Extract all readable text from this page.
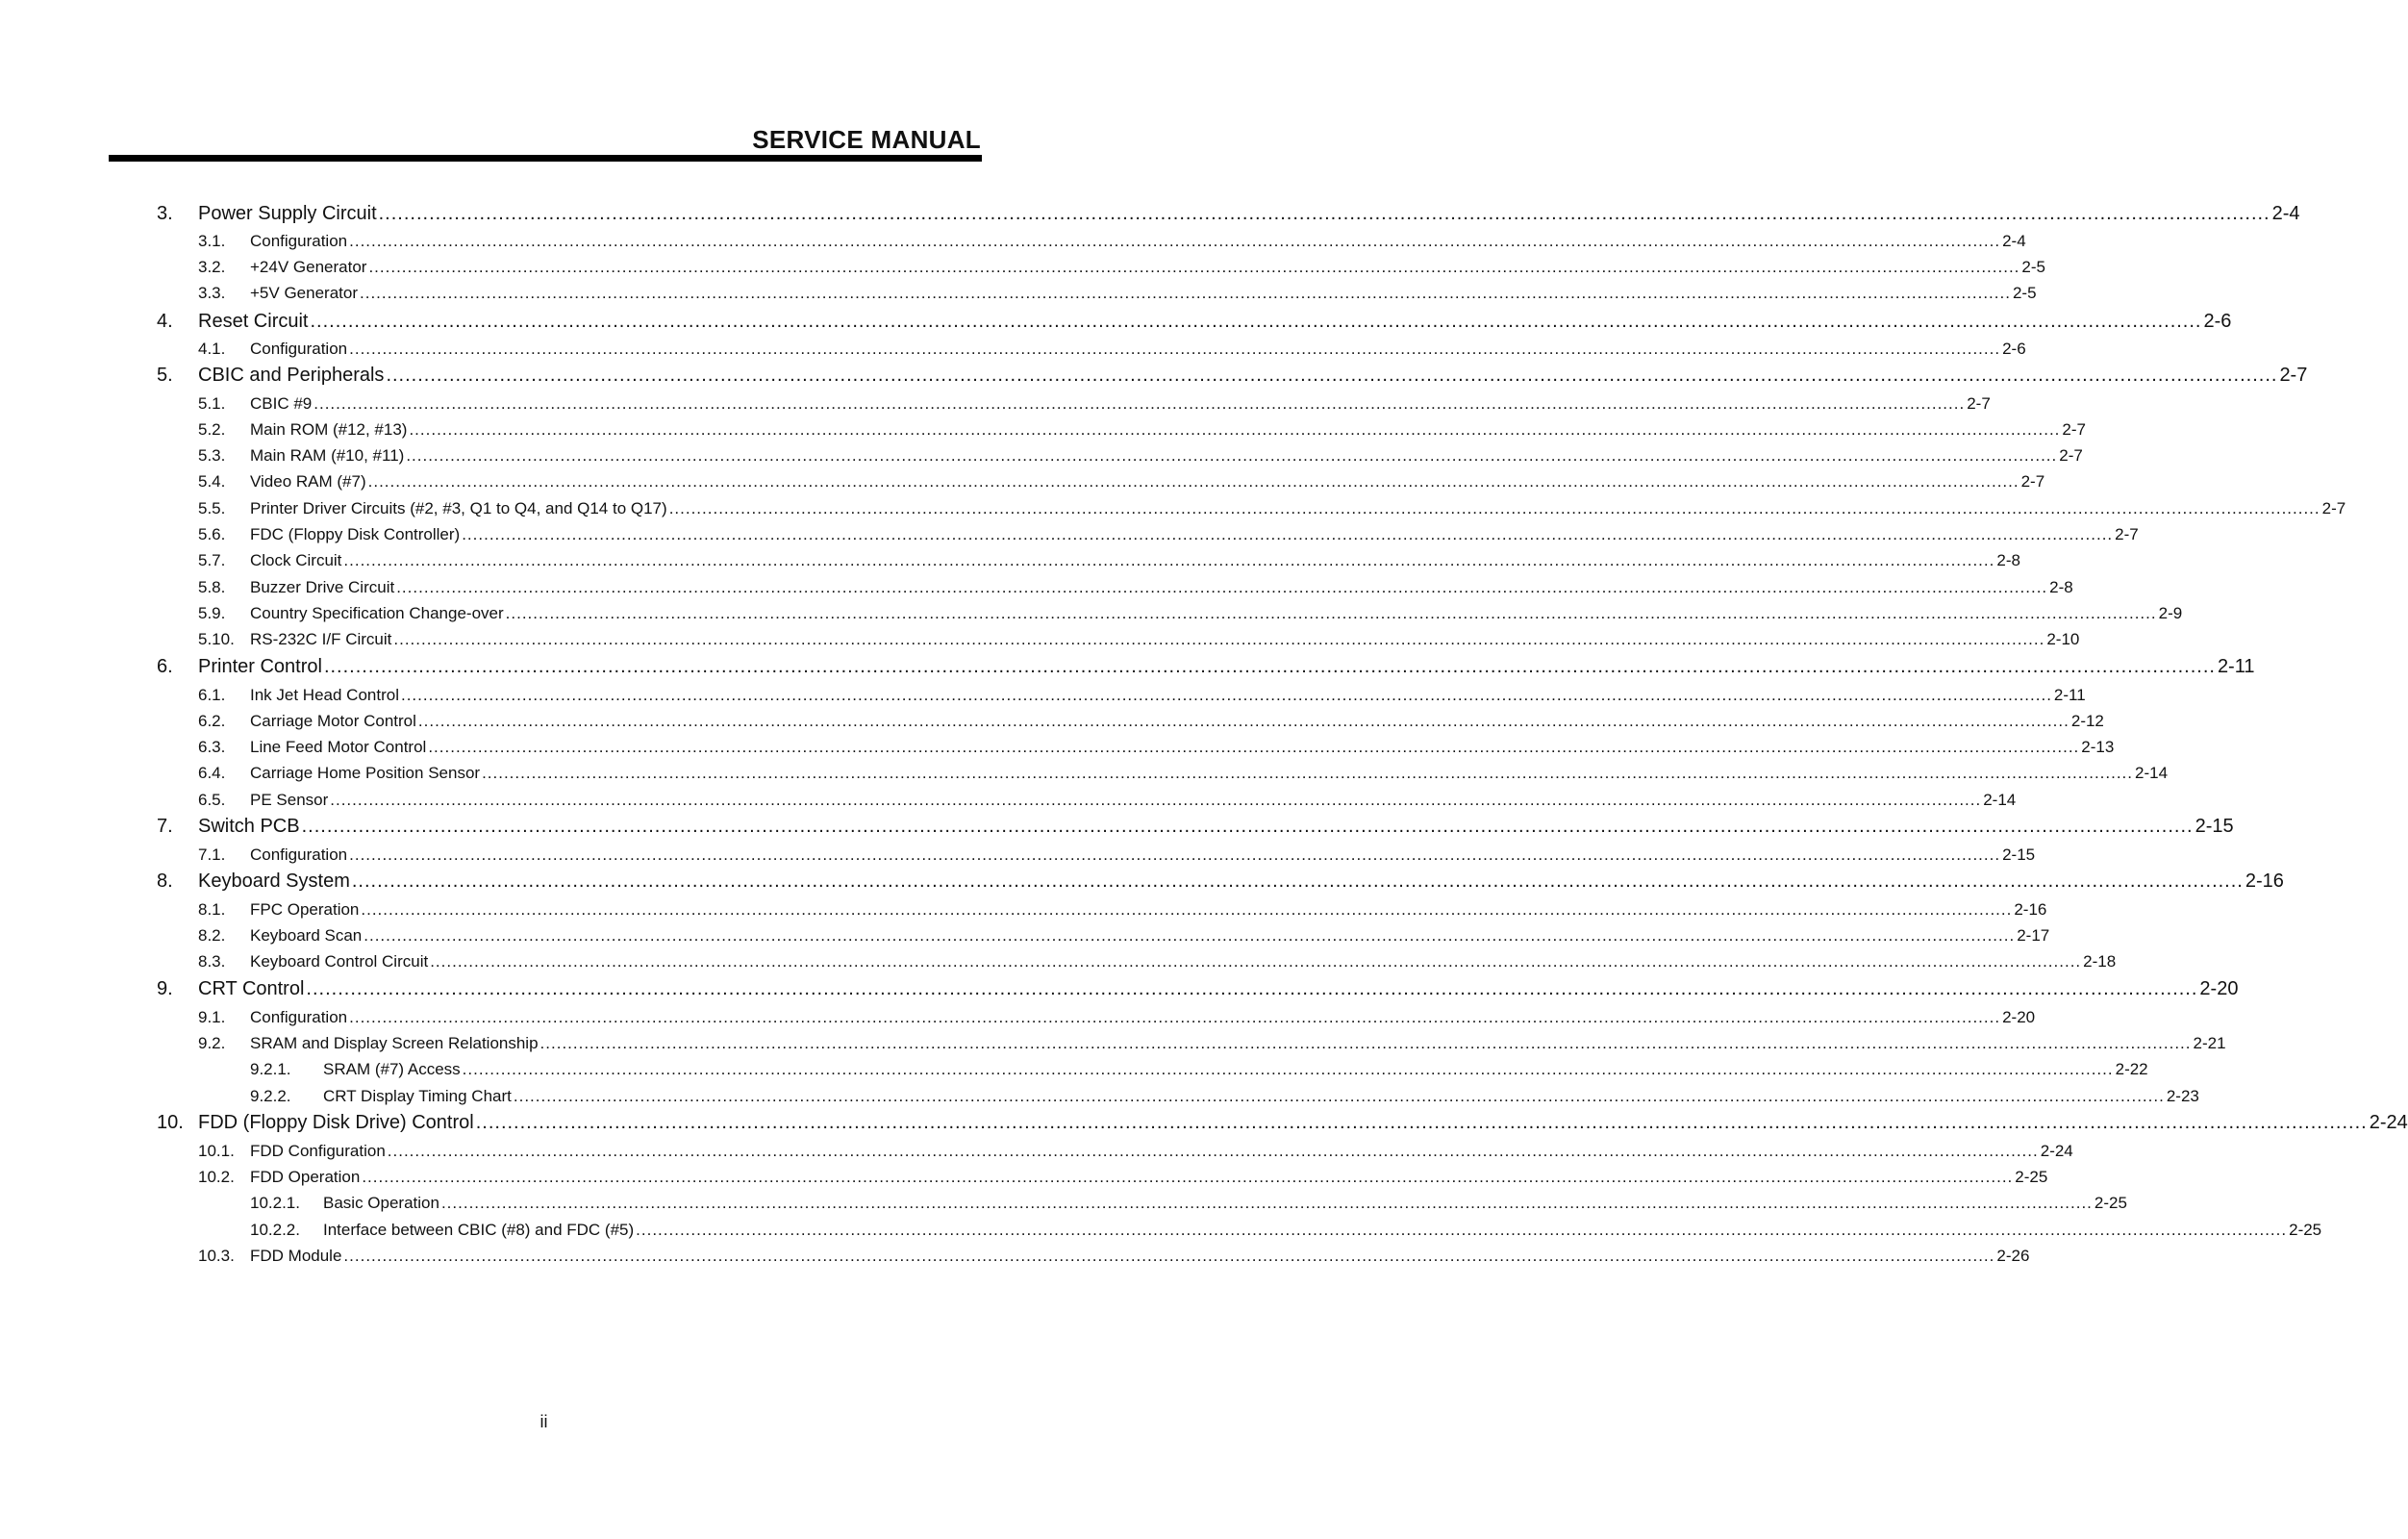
SERVICE MANUAL
3. Power Supply Circuit ............................................................................................................................................................................................................................................................................................................ 2-4
3.1. Configuration ............................................................................................................................................................................................................................................................................................................ 2-4
3.2. +24V Generator ............................................................................................................................................................................................................................................................................................................ 2-5
3.3. +5V Generator ............................................................................................................................................................................................................................................................................................................ 2-5
4. Reset Circuit ............................................................................................................................................................................................................................................................................................................ 2-6
4.1. Configuration ............................................................................................................................................................................................................................................................................................................ 2-6
5. CBIC and Peripherals ............................................................................................................................................................................................................................................................................................................ 2-7
5.1. CBIC #9 ............................................................................................................................................................................................................................................................................................................ 2-7
5.2. Main ROM (#12, #13) ............................................................................................................................................................................................................................................................................................................ 2-7
5.3. Main RAM (#10, #11) ............................................................................................................................................................................................................................................................................................................ 2-7
5.4. Video RAM (#7) ............................................................................................................................................................................................................................................................................................................ 2-7
5.5. Printer Driver Circuits (#2, #3, Q1 to Q4, and Q14 to Q17) ............................................................................................................................................................................................................................................................................................................ 2-7
5.6. FDC (Floppy Disk Controller) ............................................................................................................................................................................................................................................................................................................ 2-7
5.7. Clock Circuit ............................................................................................................................................................................................................................................................................................................ 2-8
5.8. Buzzer Drive Circuit ............................................................................................................................................................................................................................................................................................................ 2-8
5.9. Country Specification Change-over ............................................................................................................................................................................................................................................................................................................ 2-9
5.10. RS-232C I/F Circuit ............................................................................................................................................................................................................................................................................................................ 2-10
6. Printer Control ............................................................................................................................................................................................................................................................................................................ 2-11
6.1. Ink Jet Head Control ............................................................................................................................................................................................................................................................................................................ 2-11
6.2. Carriage Motor Control ............................................................................................................................................................................................................................................................................................................ 2-12
6.3. Line Feed Motor Control ............................................................................................................................................................................................................................................................................................................ 2-13
6.4. Carriage Home Position Sensor ............................................................................................................................................................................................................................................................................................................ 2-14
6.5. PE Sensor ............................................................................................................................................................................................................................................................................................................ 2-14
7. Switch PCB ............................................................................................................................................................................................................................................................................................................ 2-15
7.1. Configuration ............................................................................................................................................................................................................................................................................................................ 2-15
8. Keyboard System ............................................................................................................................................................................................................................................................................................................ 2-16
8.1. FPC Operation ............................................................................................................................................................................................................................................................................................................ 2-16
8.2. Keyboard Scan ............................................................................................................................................................................................................................................................................................................ 2-17
8.3. Keyboard Control Circuit ............................................................................................................................................................................................................................................................................................................ 2-18
9. CRT Control ............................................................................................................................................................................................................................................................................................................ 2-20
9.1. Configuration ............................................................................................................................................................................................................................................................................................................ 2-20
9.2. SRAM and Display Screen Relationship ............................................................................................................................................................................................................................................................................................................ 2-21
9.2.1. SRAM (#7) Access ............................................................................................................................................................................................................................................................................................................ 2-22
9.2.2. CRT Display Timing Chart ............................................................................................................................................................................................................................................................................................................ 2-23
10. FDD (Floppy Disk Drive) Control ............................................................................................................................................................................................................................................................................................................ 2-24
10.1. FDD Configuration ............................................................................................................................................................................................................................................................................................................ 2-24
10.2. FDD Operation ............................................................................................................................................................................................................................................................................................................ 2-25
10.2.1. Basic Operation ............................................................................................................................................................................................................................................................................................................ 2-25
10.2.2. Interface between CBIC (#8) and FDC (#5) ............................................................................................................................................................................................................................................................................................................ 2-25
10.3. FDD Module ............................................................................................................................................................................................................................................................................................................ 2-26
ii
